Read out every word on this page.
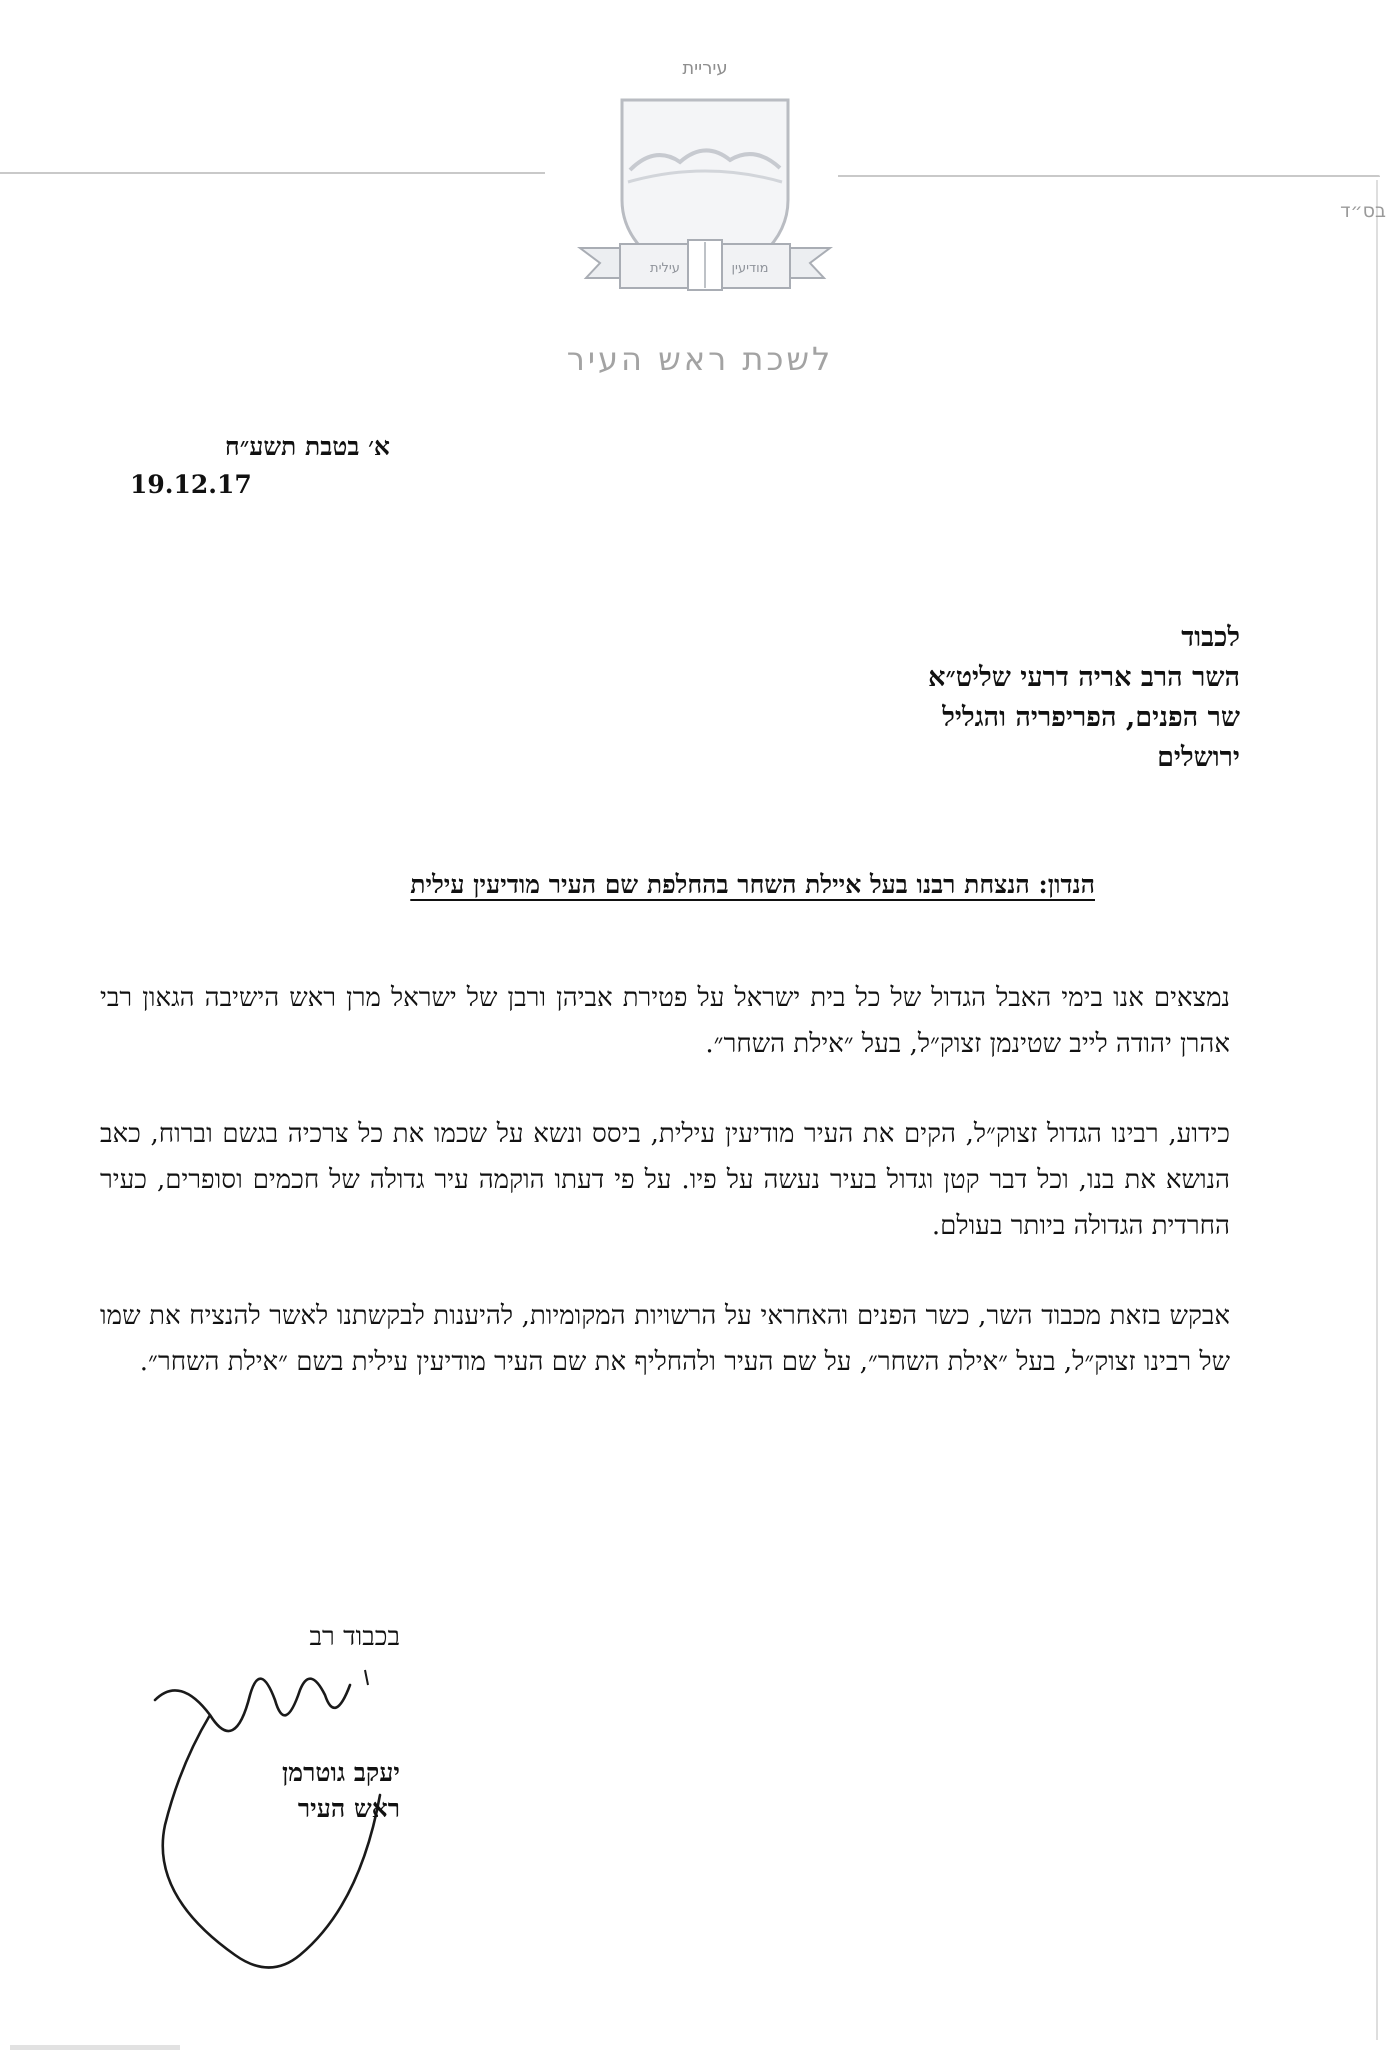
בס״ד
עיריית
עילית	מודיעין
לשכת ראש העיר
א׳ בטבת תשע״ח
19.12.17
לכבוד
השר הרב אריה דרעי שליט״א
שר הפנים, הפריפריה והגליל
ירושלים
הנדון: הנצחת רבנו בעל איילת השחר בהחלפת שם העיר מודיעין עילית

נמצאים אנו בימי האבל הגדול של כל בית ישראל על פטירת אביהן ורבן של ישראל מרן ראש הישיבה הגאון רבי אהרן יהודה לייב שטינמן זצוק״ל, בעל ״אילת השחר״.

כידוע, רבינו הגדול זצוק״ל, הקים את העיר מודיעין עילית, ביסס ונשא על שכמו את כל צרכיה בגשם וברוח, כאב הנושא את בנו, וכל דבר קטן וגדול בעיר נעשה על פיו. על פי דעתו הוקמה עיר גדולה של חכמים וסופרים, כעיר החרדית הגדולה ביותר בעולם.

אבקש בזאת מכבוד השר, כשר הפנים והאחראי על הרשויות המקומיות, להיענות לבקשתנו לאשר להנציח את שמו של רבינו זצוק״ל, בעל ״אילת השחר״, על שם העיר ולהחליף את שם העיר מודיעין עילית בשם ״אילת השחר״.

בכבוד רב
יעקב גוטרמן
ראש העיר
